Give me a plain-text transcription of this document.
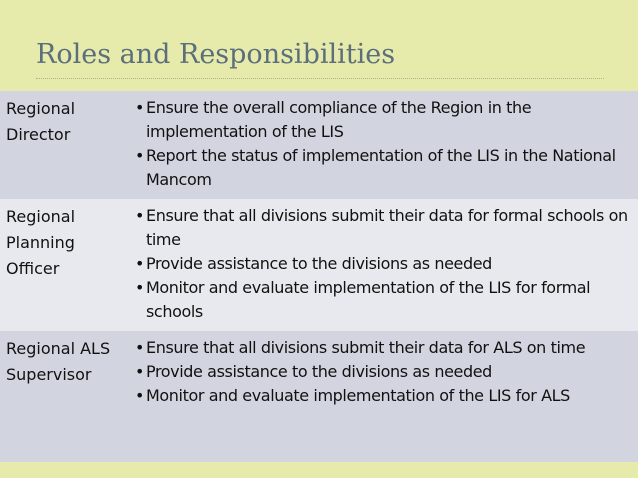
Roles and Responsibilities
Regional Director
• Ensure the overall compliance of the Region in the implementation of the LIS
• Report the status of implementation of the LIS in the National Mancom
Regional Planning Officer
• Ensure that all divisions submit their data for formal schools on time
• Provide assistance to the divisions as needed
• Monitor and evaluate implementation of the LIS for formal schools
Regional ALS Supervisor
• Ensure that all divisions submit their data for ALS on time
• Provide assistance to the divisions as needed
• Monitor and evaluate implementation of the LIS for ALS
